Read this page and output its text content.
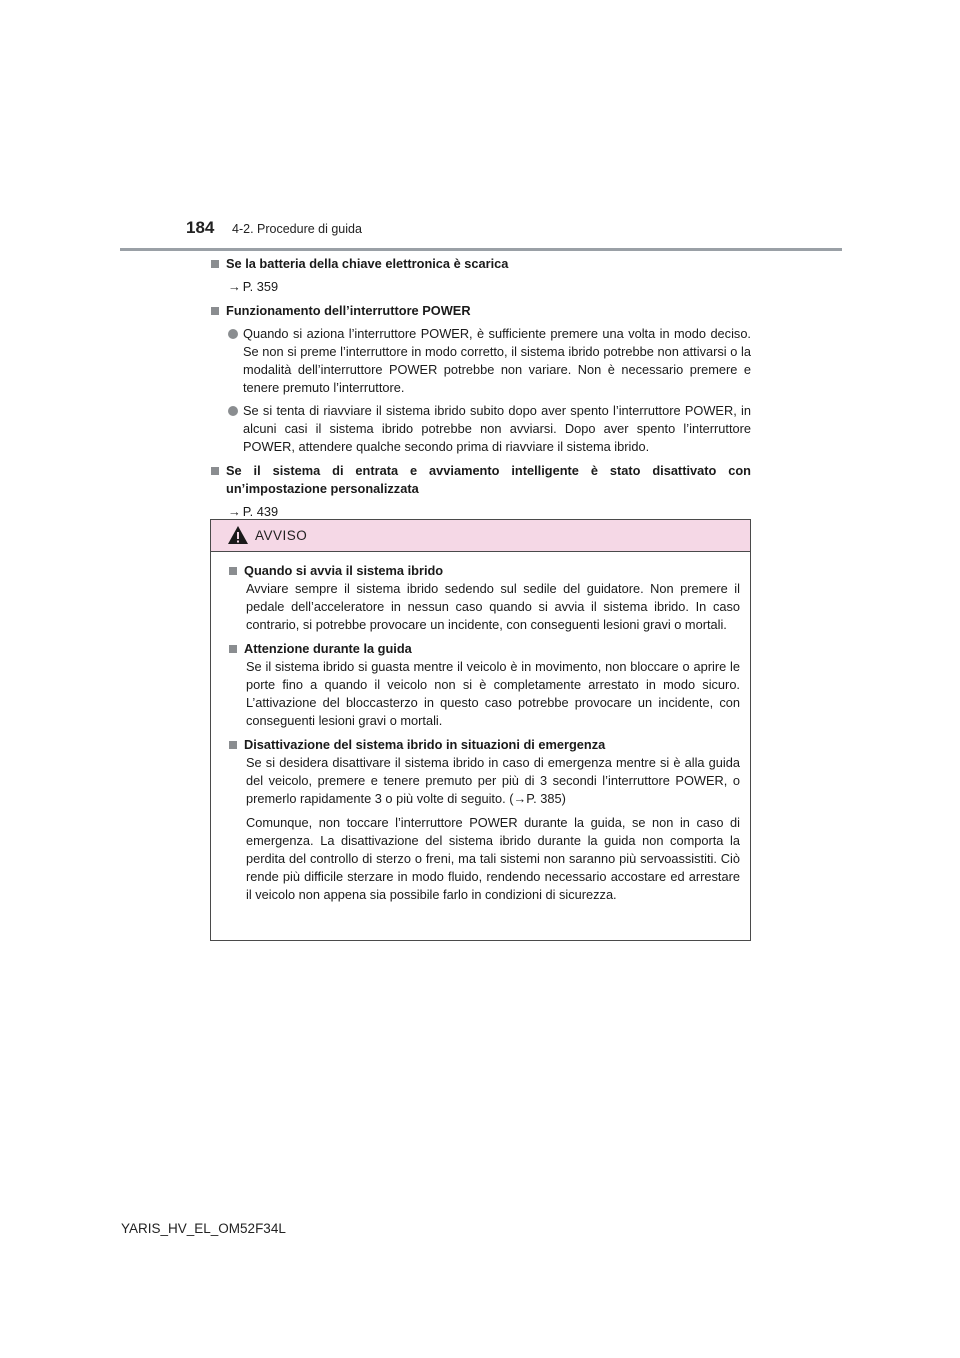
184 4-2. Procedure di guida
Se la batteria della chiave elettronica è scarica
→ P. 359
Funzionamento dell’interruttore POWER
Quando si aziona l’interruttore POWER, è sufficiente premere una volta in modo deciso. Se non si preme l’interruttore in modo corretto, il sistema ibrido potrebbe non attivarsi o la modalità dell’interruttore POWER potrebbe non variare. Non è necessario premere e tenere premuto l’interruttore.
Se si tenta di riavviare il sistema ibrido subito dopo aver spento l’interruttore POWER, in alcuni casi il sistema ibrido potrebbe non avviarsi. Dopo aver spento l’interruttore POWER, attendere qualche secondo prima di riavviare il sistema ibrido.
Se il sistema di entrata e avviamento intelligente è stato disattivato con un’impostazione personalizzata
→ P. 439
AVVISO
Quando si avvia il sistema ibrido
Avviare sempre il sistema ibrido sedendo sul sedile del guidatore. Non premere il pedale dell’acceleratore in nessun caso quando si avvia il sistema ibrido. In caso contrario, si potrebbe provocare un incidente, con conseguenti lesioni gravi o mortali.
Attenzione durante la guida
Se il sistema ibrido si guasta mentre il veicolo è in movimento, non bloccare o aprire le porte fino a quando il veicolo non si è completamente arrestato in modo sicuro. L’attivazione del bloccasterzo in questo caso potrebbe provocare un incidente, con conseguenti lesioni gravi o mortali.
Disattivazione del sistema ibrido in situazioni di emergenza
Se si desidera disattivare il sistema ibrido in caso di emergenza mentre si è alla guida del veicolo, premere e tenere premuto per più di 3 secondi l’interruttore POWER, o premerlo rapidamente 3 o più volte di seguito. (→P. 385)
Comunque, non toccare l’interruttore POWER durante la guida, se non in caso di emergenza. La disattivazione del sistema ibrido durante la guida non comporta la perdita del controllo di sterzo o freni, ma tali sistemi non saranno più servoassistiti. Ciò rende più difficile sterzare in modo fluido, rendendo necessario accostare ed arrestare il veicolo non appena sia possibile farlo in condizioni di sicurezza.
YARIS_HV_EL_OM52F34L
